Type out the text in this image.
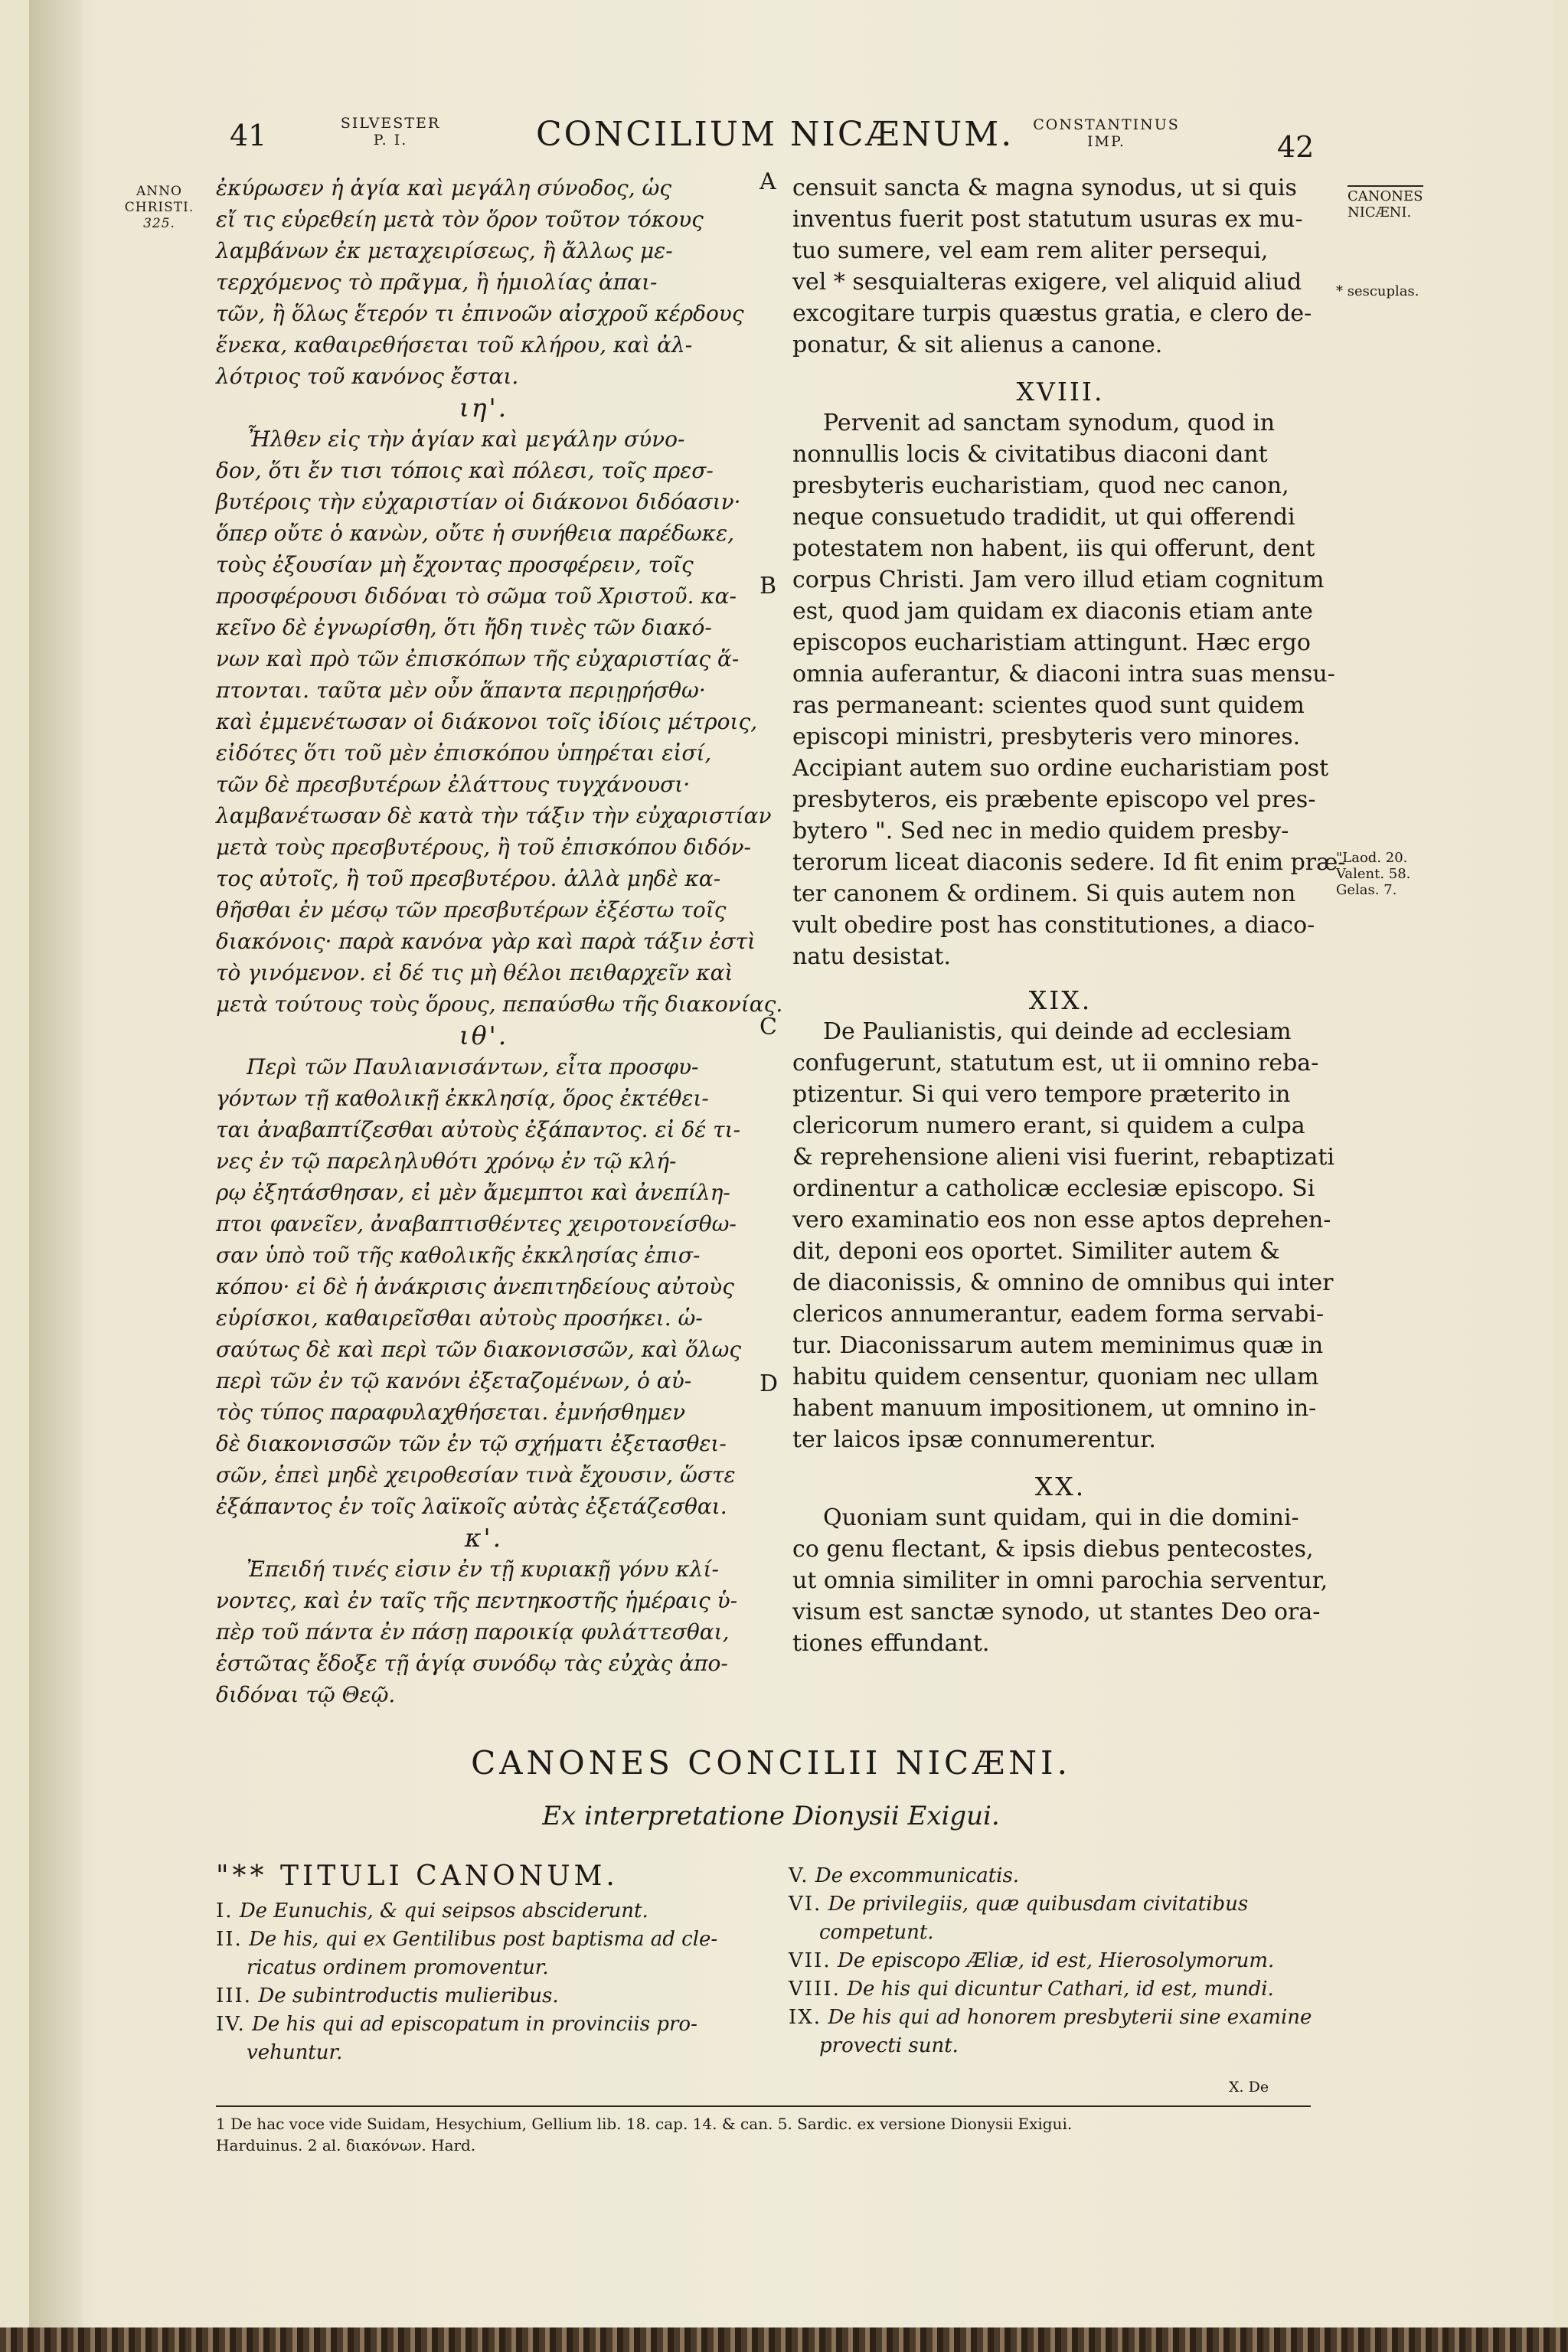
41	SILVESTER
P. I.	CONCILIUM NICÆNUM.	CONSTANTINUS
IMP.	42
ANNO
CHRISTI.
325.
CANONES
NICÆNI.
* sescuplas.
"Laod. 20.
Valent. 58.
Gelas. 7.
A
B
C
D

ἐκύρωσεν ἡ ἁγία καὶ μεγάλη σύνοδος, ὡς

εἴ τις εὑρεθείη μετὰ τὸν ὅρον τοῦτον τόκους

λαμβάνων ἐκ μεταχειρίσεως, ἢ ἄλλως με-

τερχόμενος τὸ πρᾶγμα, ἢ ἡμιολίας ἀπαι-

τῶν, ἢ ὅλως ἕτερόν τι ἐπινοῶν αἰσχροῦ κέρδους

ἕνεκα, καθαιρεθήσεται τοῦ κλήρου, καὶ ἀλ-

λότριος τοῦ κανόνος ἔσται.

ιη'.

Ἦλθεν εἰς τὴν ἁγίαν καὶ μεγάλην σύνο-

δον, ὅτι ἔν τισι τόποις καὶ πόλεσι, τοῖς πρεσ-

βυτέροις τὴν εὐχαριστίαν οἱ διάκονοι διδόασιν·

ὅπερ οὔτε ὁ κανὼν, οὔτε ἡ συνήθεια παρέδωκε,

τοὺς ἐξουσίαν μὴ ἔχοντας προσφέρειν, τοῖς

προσφέρουσι διδόναι τὸ σῶμα τοῦ Χριστοῦ. κα-

κεῖνο δὲ ἐγνωρίσθη, ὅτι ἤδη τινὲς τῶν διακό-

νων καὶ πρὸ τῶν ἐπισκόπων τῆς εὐχαριστίας ἅ-

πτονται. ταῦτα μὲν οὖν ἅπαντα περιῃρήσθω·

καὶ ἐμμενέτωσαν οἱ διάκονοι τοῖς ἰδίοις μέτροις,

εἰδότες ὅτι τοῦ μὲν ἐπισκόπου ὑπηρέται εἰσί,

τῶν δὲ πρεσβυτέρων ἐλάττους τυγχάνουσι·

λαμβανέτωσαν δὲ κατὰ τὴν τάξιν τὴν εὐχαριστίαν

μετὰ τοὺς πρεσβυτέρους, ἢ τοῦ ἐπισκόπου διδόν-

τος αὐτοῖς, ἢ τοῦ πρεσβυτέρου. ἀλλὰ μηδὲ κα-

θῆσθαι ἐν μέσῳ τῶν πρεσβυτέρων ἐξέστω τοῖς

διακόνοις· παρὰ κανόνα γὰρ καὶ παρὰ τάξιν ἐστὶ

τὸ γινόμενον. εἰ δέ τις μὴ θέλοι πειθαρχεῖν καὶ

μετὰ τούτους τοὺς ὅρους, πεπαύσθω τῆς διακονίας.

ιθ'.

Περὶ τῶν Παυλιανισάντων, εἶτα προσφυ-

γόντων τῇ καθολικῇ ἐκκλησίᾳ, ὅρος ἐκτέθει-

ται ἀναβαπτίζεσθαι αὐτοὺς ἐξάπαντος. εἰ δέ τι-

νες ἐν τῷ παρεληλυθότι χρόνῳ ἐν τῷ κλή-

ρῳ ἐξητάσθησαν, εἰ μὲν ἄμεμπτοι καὶ ἀνεπίλη-

πτοι φανεῖεν, ἀναβαπτισθέντες χειροτονείσθω-

σαν ὑπὸ τοῦ τῆς καθολικῆς ἐκκλησίας ἐπισ-

κόπου· εἰ δὲ ἡ ἀνάκρισις ἀνεπιτηδείους αὐτοὺς

εὑρίσκοι, καθαιρεῖσθαι αὐτοὺς προσήκει. ὡ-

σαύτως δὲ καὶ περὶ τῶν διακονισσῶν, καὶ ὅλως

περὶ τῶν ἐν τῷ κανόνι ἐξεταζομένων, ὁ αὐ-

τὸς τύπος παραφυλαχθήσεται. ἐμνήσθημεν

δὲ διακονισσῶν τῶν ἐν τῷ σχήματι ἐξετασθει-

σῶν, ἐπεὶ μηδὲ χειροθεσίαν τινὰ ἔχουσιν, ὥστε

ἐξάπαντος ἐν τοῖς λαϊκοῖς αὐτὰς ἐξετάζεσθαι.

κ'.

Ἐπειδή τινές εἰσιν ἐν τῇ κυριακῇ γόνυ κλί-

νοντες, καὶ ἐν ταῖς τῆς πεντηκοστῆς ἡμέραις ὑ-

πὲρ τοῦ πάντα ἐν πάσῃ παροικίᾳ φυλάττεσθαι,

ἑστῶτας ἔδοξε τῇ ἁγίᾳ συνόδῳ τὰς εὐχὰς ἀπο-

διδόναι τῷ Θεῷ.

censuit sancta & magna synodus, ut si quis

inventus fuerit post statutum usuras ex mu-

tuo sumere, vel eam rem aliter persequi,

vel * sesquialteras exigere, vel aliquid aliud

excogitare turpis quæstus gratia, e clero de-

ponatur, & sit alienus a canone.

XVIII.

Pervenit ad sanctam synodum, quod in

nonnullis locis & civitatibus diaconi dant

presbyteris eucharistiam, quod nec canon,

neque consuetudo tradidit, ut qui offerendi

potestatem non habent, iis qui offerunt, dent

corpus Christi. Jam vero illud etiam cognitum

est, quod jam quidam ex diaconis etiam ante

episcopos eucharistiam attingunt. Hæc ergo

omnia auferantur, & diaconi intra suas mensu-

ras permaneant: scientes quod sunt quidem

episcopi ministri, presbyteris vero minores.

Accipiant autem suo ordine eucharistiam post

presbyteros, eis præbente episcopo vel pres-

bytero ". Sed nec in medio quidem presby-

terorum liceat diaconis sedere. Id fit enim præ-

ter canonem & ordinem. Si quis autem non

vult obedire post has constitutiones, a diaco-

natu desistat.

XIX.

De Paulianistis, qui deinde ad ecclesiam

confugerunt, statutum est, ut ii omnino reba-

ptizentur. Si qui vero tempore præterito in

clericorum numero erant, si quidem a culpa

& reprehensione alieni visi fuerint, rebaptizati

ordinentur a catholicæ ecclesiæ episcopo. Si

vero examinatio eos non esse aptos deprehen-

dit, deponi eos oportet. Similiter autem &

de diaconissis, & omnino de omnibus qui inter

clericos annumerantur, eadem forma servabi-

tur. Diaconissarum autem meminimus quæ in

habitu quidem censentur, quoniam nec ullam

habent manuum impositionem, ut omnino in-

ter laicos ipsæ connumerentur.

XX.

Quoniam sunt quidam, qui in die domini-

co genu flectant, & ipsis diebus pentecostes,

ut omnia similiter in omni parochia serventur,

visum est sanctæ synodo, ut stantes Deo ora-

tiones effundant.

CANONES CONCILII NICÆNI.
Ex interpretatione Dionysii Exigui.
"** TITULI CANONUM.

I. De Eunuchis, & qui seipsos absciderunt.

II. De his, qui ex Gentilibus post baptisma ad cle-

ricatus ordinem promoventur.

III. De subintroductis mulieribus.

IV. De his qui ad episcopatum in provinciis pro-

vehuntur.

V. De excommunicatis.

VI. De privilegiis, quæ quibusdam civitatibus

competunt.

VII. De episcopo Æliæ, id est, Hierosolymorum.

VIII. De his qui dicuntur Cathari, id est, mundi.

IX. De his qui ad honorem presbyterii sine examine

provecti sunt.

X. De
1 De hac voce vide Suidam, Hesychium, Gellium lib. 18. cap. 14. & can. 5. Sardic. ex versione Dionysii Exigui.
Harduinus. 2 al. διακόνων. Hard.
